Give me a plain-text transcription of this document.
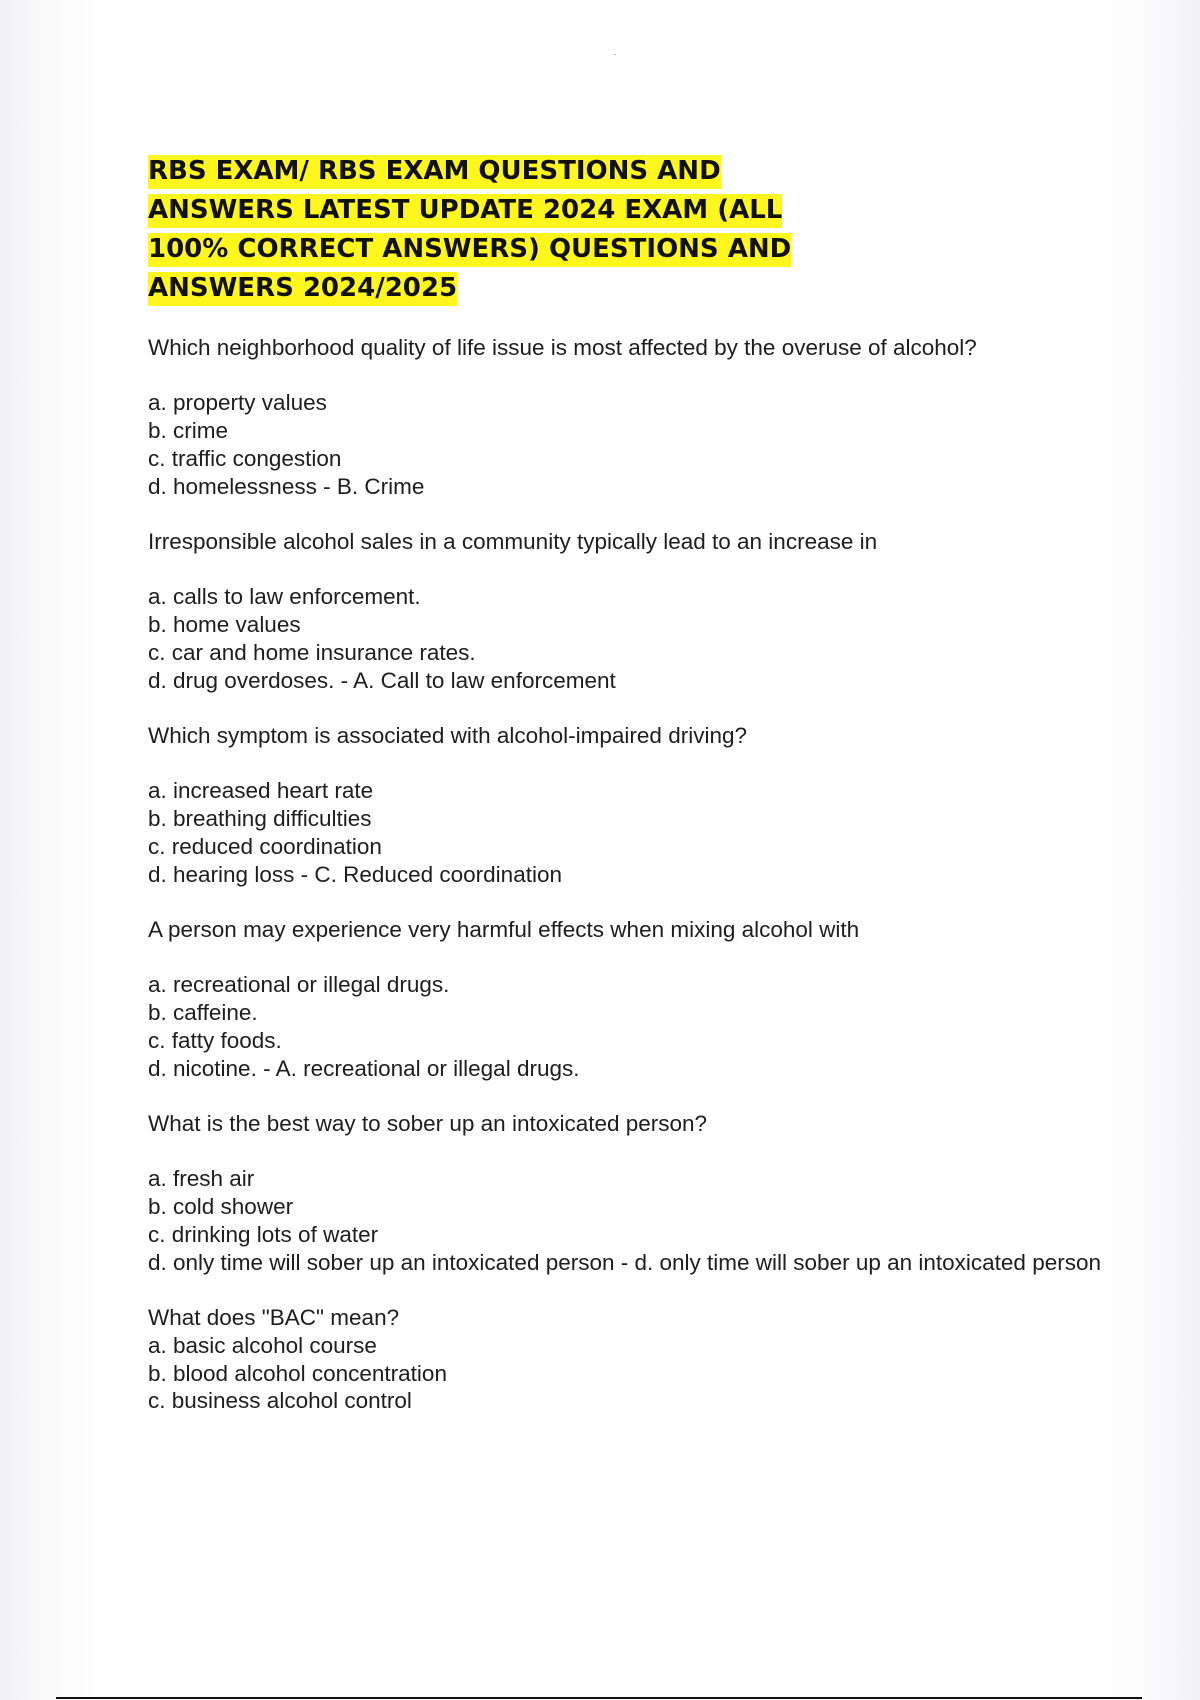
RBS EXAM/ RBS EXAM QUESTIONS AND ANSWERS LATEST UPDATE 2024 EXAM (ALL 100% CORRECT ANSWERS) QUESTIONS AND ANSWERS 2024/2025

Which neighborhood quality of life issue is most affected by the overuse of alcohol?

a. property values

b. crime

c. traffic congestion

d. homelessness - B. Crime

Irresponsible alcohol sales in a community typically lead to an increase in

a. calls to law enforcement.

b. home values

c. car and home insurance rates.

d. drug overdoses. - A. Call to law enforcement

Which symptom is associated with alcohol-impaired driving?

a. increased heart rate

b. breathing difficulties

c. reduced coordination

d. hearing loss - C. Reduced coordination

A person may experience very harmful effects when mixing alcohol with

a. recreational or illegal drugs.

b. caffeine.

c. fatty foods.

d. nicotine. - A. recreational or illegal drugs.

What is the best way to sober up an intoxicated person?

a. fresh air

b. cold shower

c. drinking lots of water

d. only time will sober up an intoxicated person - d. only time will sober up an intoxicated person

What does "BAC" mean?

a. basic alcohol course

b. blood alcohol concentration

c. business alcohol control
